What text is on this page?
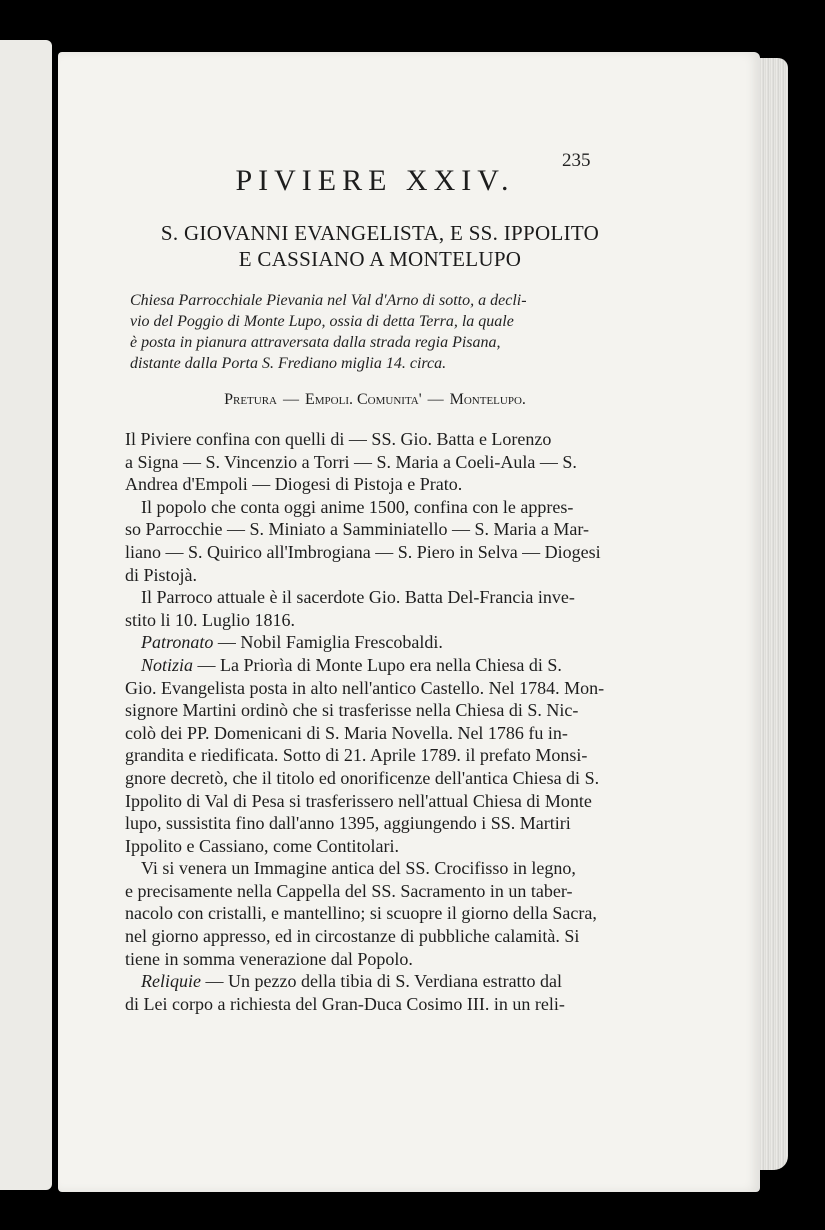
235
PIVIERE XXIV.
S. GIOVANNI EVANGELISTA, E SS. IPPOLITO
E CASSIANO A MONTELUPO
Chiesa Parrocchiale Pievania nel Val d'Arno di sotto, a decli-
vio del Poggio di Monte Lupo, ossia di detta Terra, la quale
è posta in pianura attraversata dalla strada regia Pisana,
distante dalla Porta S. Frediano miglia 14. circa.
Pretura — Empoli. Comunita' — Montelupo.
Il Piviere confina con quelli di — SS. Gio. Batta e Lorenzo
a Signa — S. Vincenzio a Torri — S. Maria a Coeli-Aula — S.
Andrea d'Empoli — Diogesi di Pistoja e Prato.
Il popolo che conta oggi anime 1500, confina con le appres-
so Parrocchie — S. Miniato a Samminiatello — S. Maria a Mar-
liano — S. Quirico all'Imbrogiana — S. Piero in Selva — Diogesi
di Pistojà.
Il Parroco attuale è il sacerdote Gio. Batta Del-Francia inve-
stito li 10. Luglio 1816.
Patronato — Nobil Famiglia Frescobaldi.
Notizia — La Priorìa di Monte Lupo era nella Chiesa di S.
Gio. Evangelista posta in alto nell'antico Castello. Nel 1784. Mon-
signore Martini ordinò che si trasferisse nella Chiesa di S. Nic-
colò dei PP. Domenicani di S. Maria Novella. Nel 1786 fu in-
grandita e riedificata. Sotto di 21. Aprile 1789. il prefato Monsi-
gnore decretò, che il titolo ed onorificenze dell'antica Chiesa di S.
Ippolito di Val di Pesa si trasferissero nell'attual Chiesa di Monte
lupo, sussistita fino dall'anno 1395, aggiungendo i SS. Martiri
Ippolito e Cassiano, come Contitolari.
Vi si venera un Immagine antica del SS. Crocifisso in legno,
e precisamente nella Cappella del SS. Sacramento in un taber-
nacolo con cristalli, e mantellino; si scuopre il giorno della Sacra,
nel giorno appresso, ed in circostanze di pubbliche calamità. Si
tiene in somma venerazione dal Popolo.
Reliquie — Un pezzo della tibia di S. Verdiana estratto dal
di Lei corpo a richiesta del Gran-Duca Cosimo III. in un reli-
